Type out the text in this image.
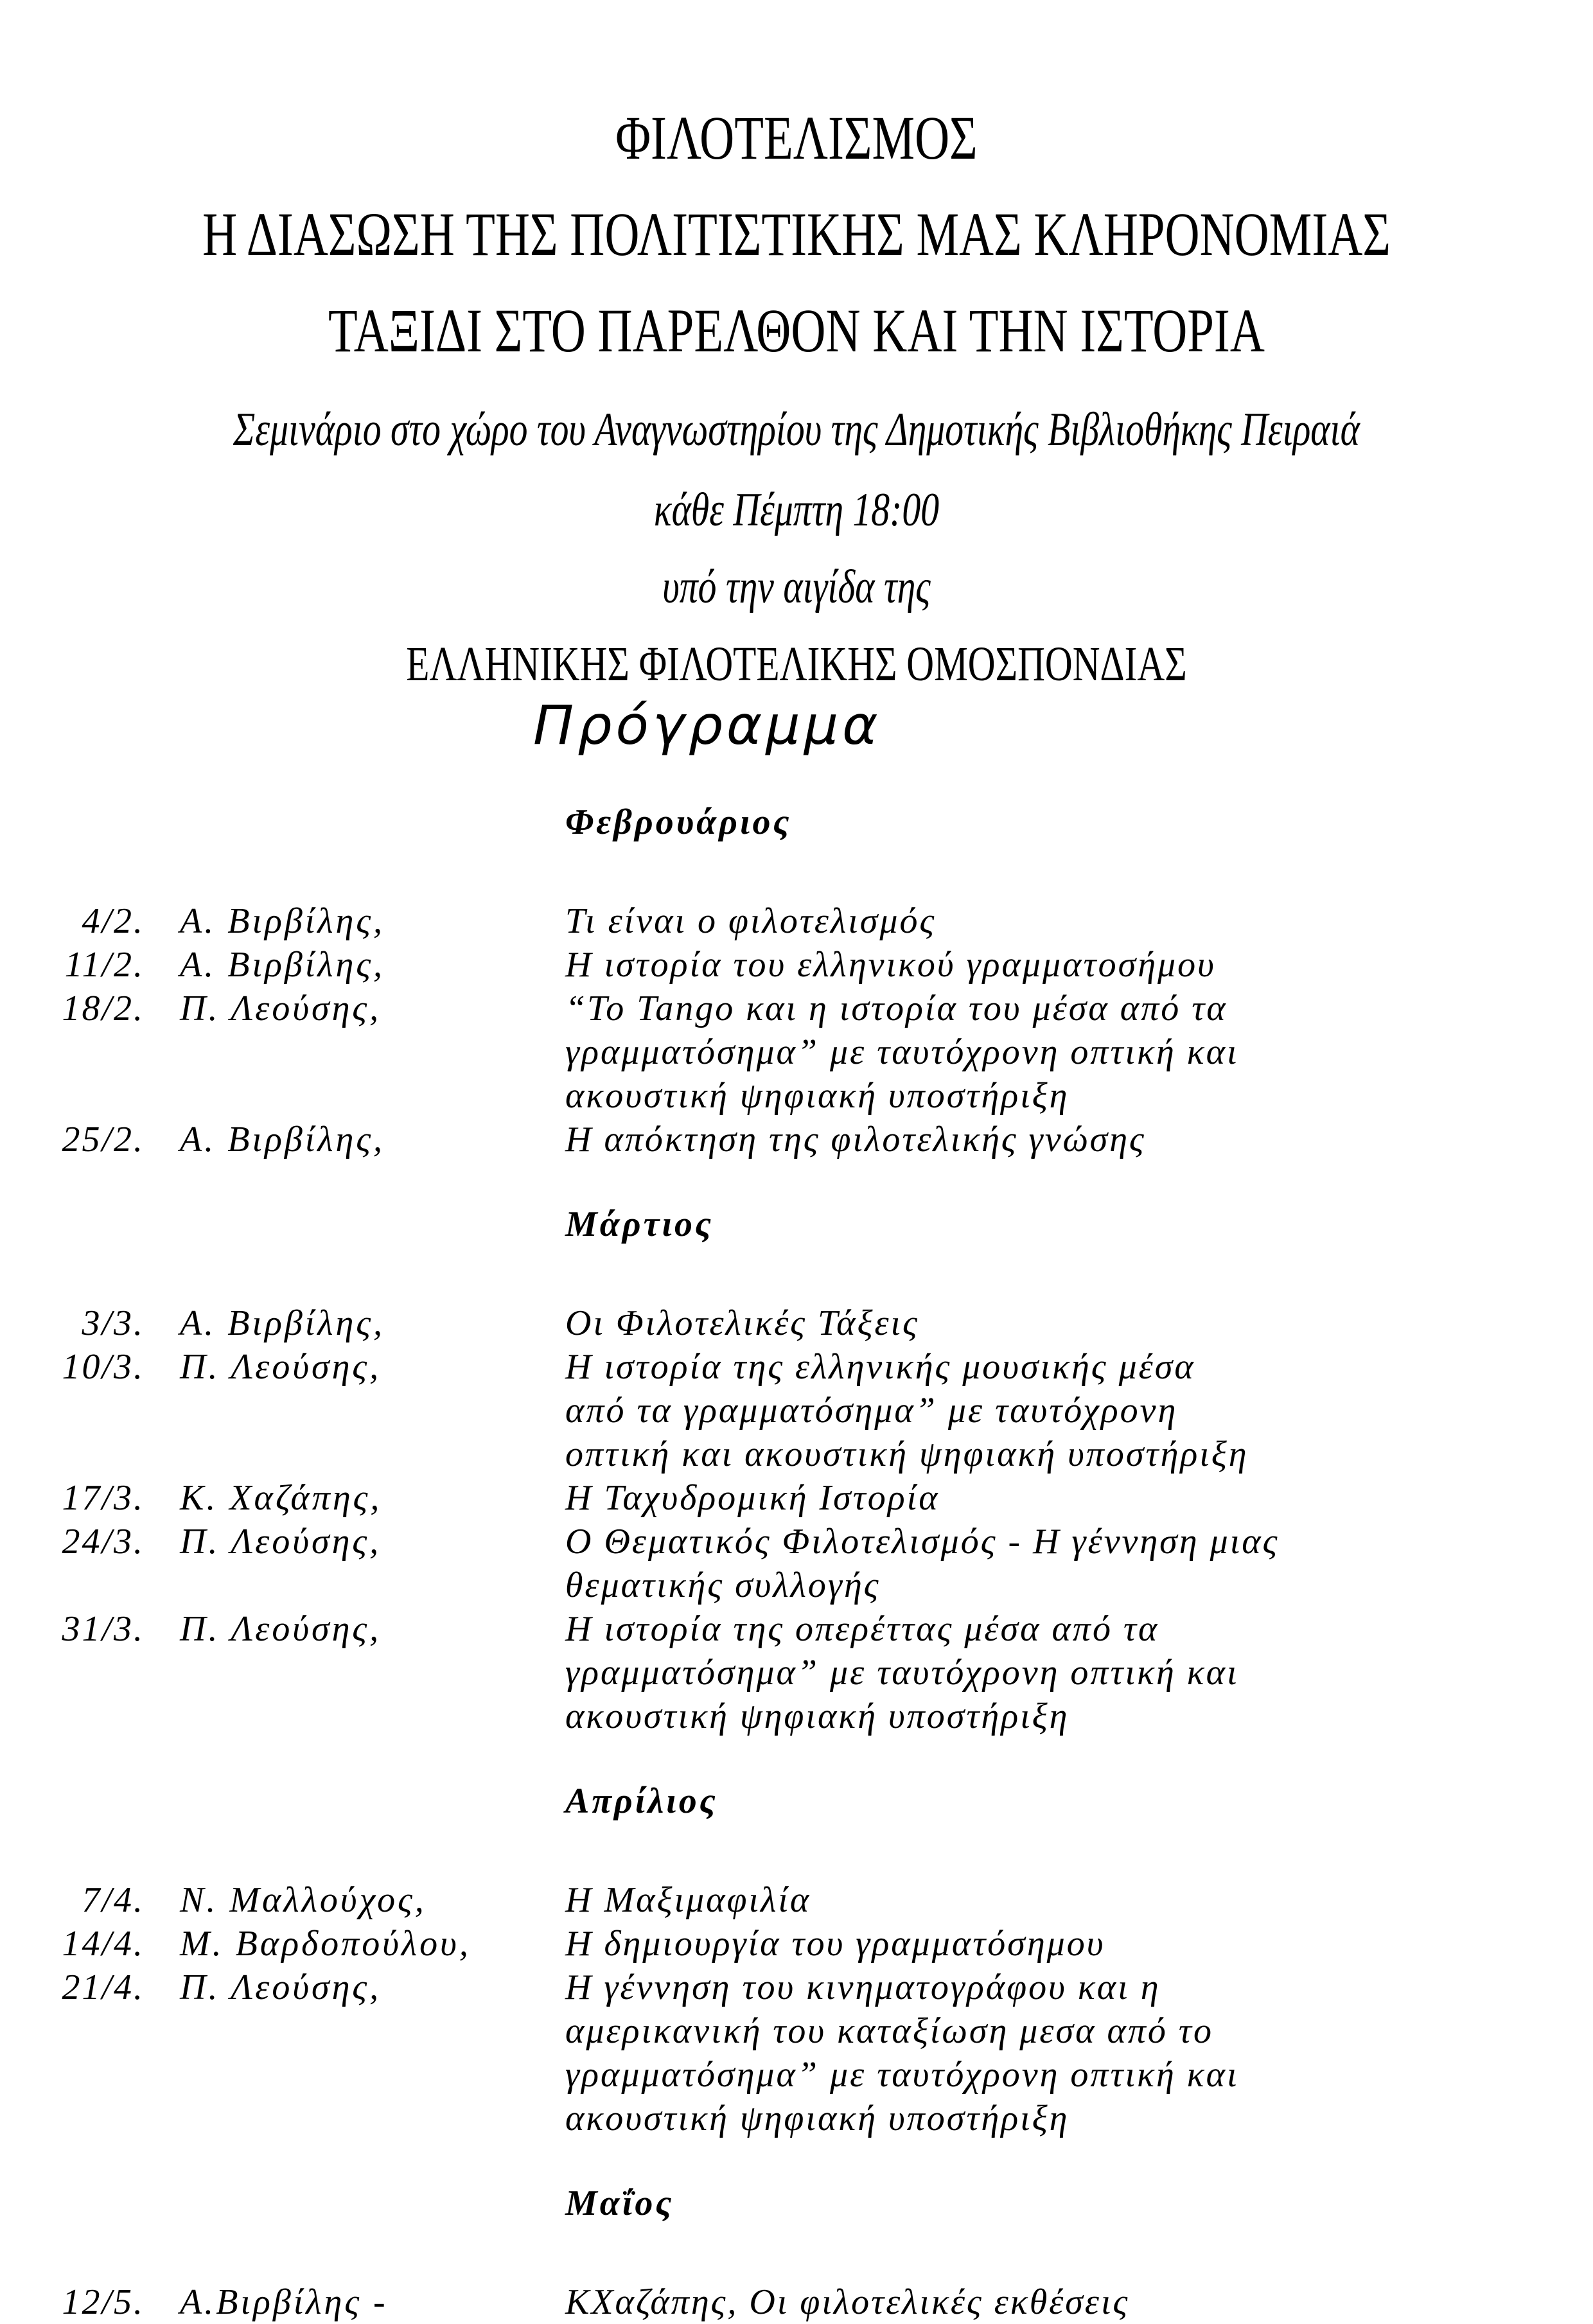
ΦΙΛΟΤΕΛΙΣΜΟΣ
Η ΔΙΑΣΩΣΗ ΤΗΣ ΠΟΛΙΤΙΣΤΙΚΗΣ ΜΑΣ ΚΛΗΡΟΝΟΜΙΑΣ
ΤΑΞΙΔΙ ΣΤΟ ΠΑΡΕΛΘΟΝ ΚΑΙ ΤΗΝ ΙΣΤΟΡΙΑ
Σεμινάριο στο χώρο του Αναγνωστηρίου της Δημοτικής Βιβλιοθήκης Πειραιά
κάθε Πέμπτη 18:00
υπό την αιγίδα της
ΕΛΛΗΝΙΚΗΣ ΦΙΛΟΤΕΛΙΚΗΣ ΟΜΟΣΠΟΝΔΙΑΣ
Πρόγραμμα
Φεβρουάριος
4/2. Α. Βιρβίλης,	Τι είναι ο φιλοτελισμός
11/2. Α. Βιρβίλης,	Η ιστορία του ελληνικού γραμματοσήμου
18/2. Π. Λεούσης,	“Το Tango και η ιστορία του μέσα από τα
γραμματόσημα” με ταυτόχρονη οπτική και
ακουστική ψηφιακή υποστήριξη
25/2. Α. Βιρβίλης,	Η απόκτηση της φιλοτελικής γνώσης
Μάρτιος
3/3. Α. Βιρβίλης,	Οι Φιλοτελικές Τάξεις
10/3. Π. Λεούσης,	Η ιστορία της ελληνικής μουσικής μέσα
από τα γραμματόσημα” με ταυτόχρονη
οπτική και ακουστική ψηφιακή υποστήριξη
17/3. Κ. Χαζάπης,	Η Ταχυδρομική Ιστορία
24/3. Π. Λεούσης,	Ο Θεματικός Φιλοτελισμός - Η γέννηση μιας
θεματικής συλλογής
31/3. Π. Λεούσης,	Η ιστορία της οπερέττας μέσα από τα
γραμματόσημα” με ταυτόχρονη οπτική και
ακουστική ψηφιακή υποστήριξη
Απρίλιος
7/4. Ν. Μαλλούχος,	Η Μαξιμαφιλία
14/4. Μ. Βαρδοπούλου,	Η δημιουργία του γραμματόσημου
21/4. Π. Λεούσης,	Η γέννηση του κινηματογράφου και η
αμερικανική του καταξίωση μεσα από το
γραμματόσημα” με ταυτόχρονη οπτική και
ακουστική ψηφιακή υποστήριξη
Μαΐος
12/5. Α.Βιρβίλης -	ΚΧαζάπης, Οι φιλοτελικές εκθέσεις
